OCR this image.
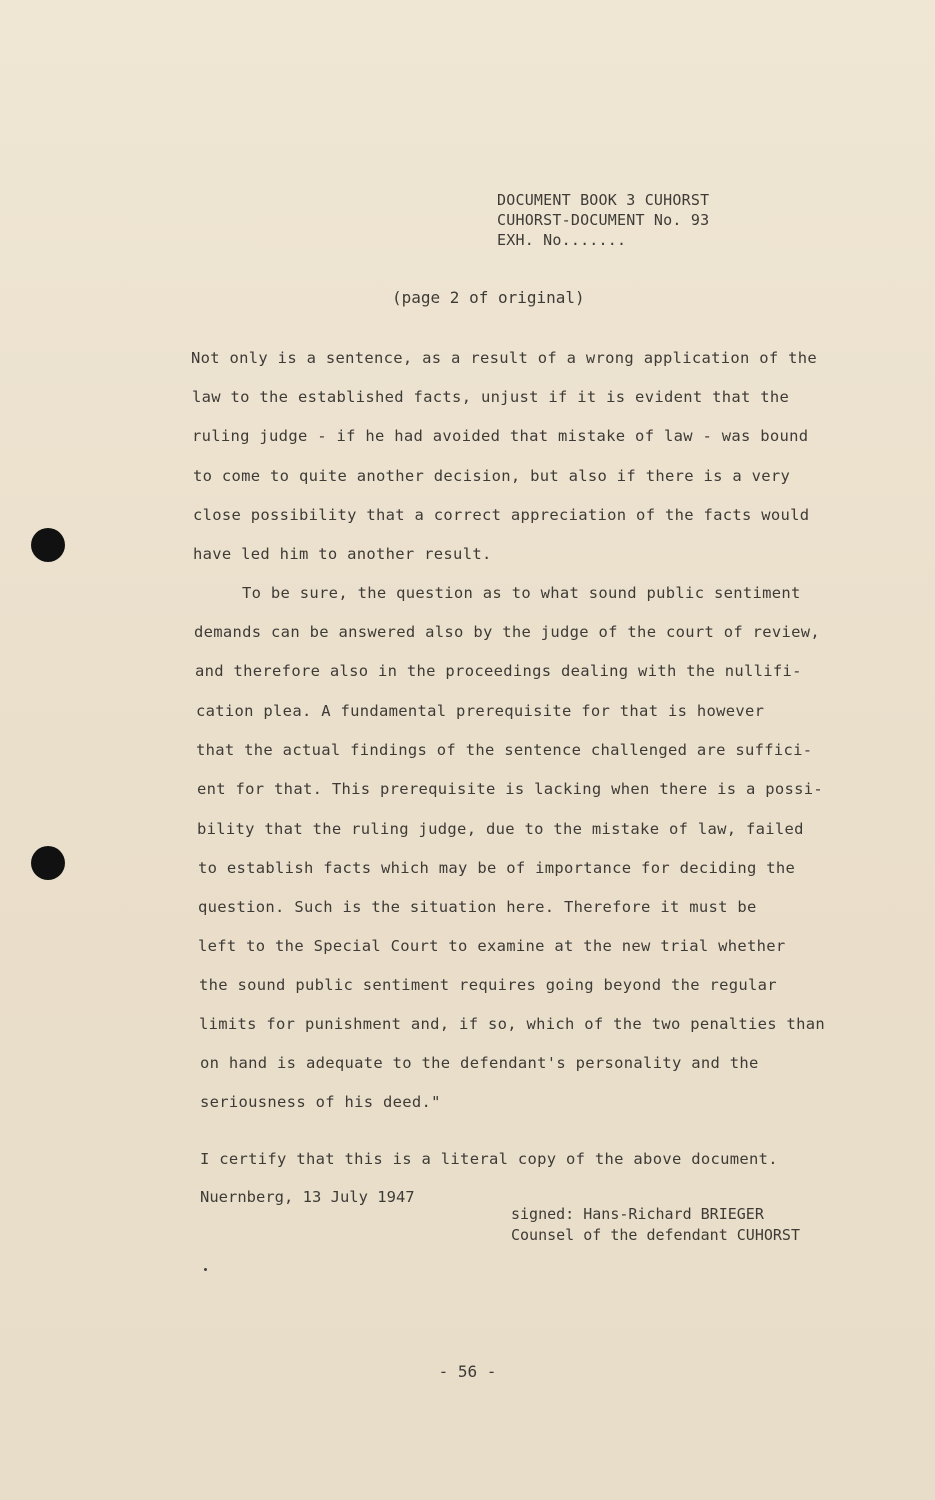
DOCUMENT BOOK 3 CUHORST
CUHORST-DOCUMENT No. 93
EXH. No.......
(page 2 of original)
Not only is a sentence, as a result of a wrong application of the
law to the established facts, unjust if it is evident that the
ruling judge - if he had avoided that mistake of law - was bound
to come to quite another decision, but also if there is a very
close possibility that a correct appreciation of the facts would
have led him to another result.
To be sure, the question as to what sound public sentiment
demands can be answered also by the judge of the court of review,
and therefore also in the proceedings dealing with the nullifi-
cation plea. A fundamental prerequisite for that is however
that the actual findings of the sentence challenged are suffici-
ent for that. This prerequisite is lacking when there is a possi-
bility that the ruling judge, due to the mistake of law, failed
to establish facts which may be of importance for deciding the
question. Such is the situation here. Therefore it must be
left to the Special Court to examine at the new trial whether
the sound public sentiment requires going beyond the regular
limits for punishment and, if so, which of the two penalties than
on hand is adequate to the defendant's personality and the
seriousness of his deed."
I certify that this is a literal copy of the above document.
Nuernberg, 13 July 1947
signed: Hans-Richard BRIEGER
Counsel of the defendant CUHORST
- 56 -
